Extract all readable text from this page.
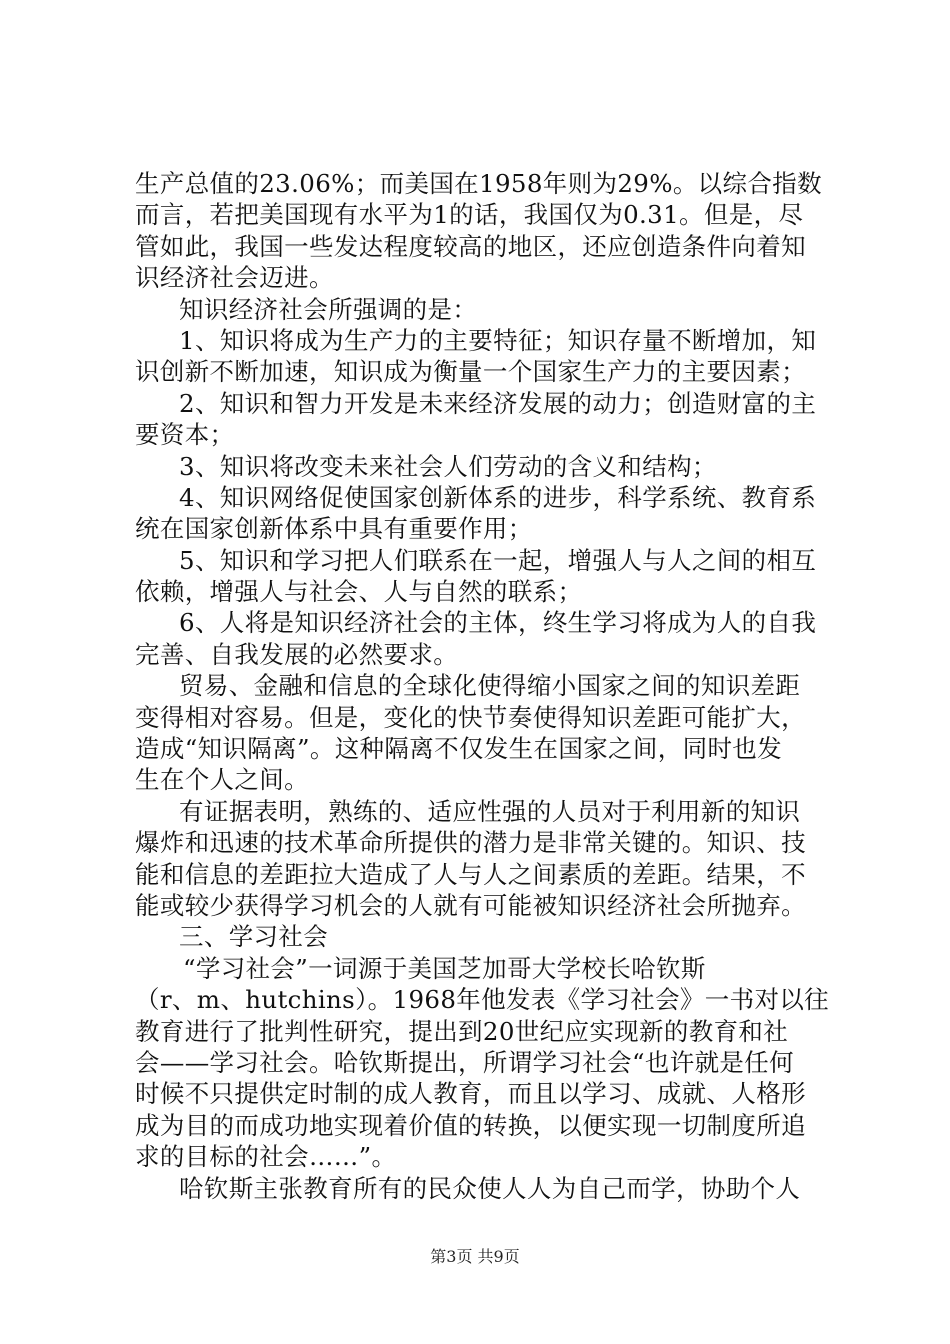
生产总值的23.06%；而美国在1958年则为29%。以综合指数
而言，若把美国现有水平为1的话，我国仅为0.31。但是，尽
管如此，我国一些发达程度较高的地区，还应创造条件向着知
识经济社会迈进。
知识经济社会所强调的是：
1、知识将成为生产力的主要特征；知识存量不断增加，知
识创新不断加速，知识成为衡量一个国家生产力的主要因素；
2、知识和智力开发是未来经济发展的动力；创造财富的主
要资本；
3、知识将改变未来社会人们劳动的含义和结构；
4、知识网络促使国家创新体系的进步，科学系统、教育系
统在国家创新体系中具有重要作用；
5、知识和学习把人们联系在一起，增强人与人之间的相互
依赖，增强人与社会、人与自然的联系；
6、人将是知识经济社会的主体，终生学习将成为人的自我
完善、自我发展的必然要求。
贸易、金融和信息的全球化使得缩小国家之间的知识差距
变得相对容易。但是，变化的快节奏使得知识差距可能扩大，
造成“知识隔离”。这种隔离不仅发生在国家之间，同时也发
生在个人之间。
有证据表明，熟练的、适应性强的人员对于利用新的知识
爆炸和迅速的技术革命所提供的潜力是非常关键的。知识、技
能和信息的差距拉大造成了人与人之间素质的差距。结果，不
能或较少获得学习机会的人就有可能被知识经济社会所抛弃。
三、学习社会
“学习社会”一词源于美国芝加哥大学校长哈钦斯
（r、m、hutchins）。1968年他发表《学习社会》一书对以往
教育进行了批判性研究，提出到20世纪应实现新的教育和社
会——学习社会。哈钦斯提出，所谓学习社会“也许就是任何
时候不只提供定时制的成人教育，而且以学习、成就、人格形
成为目的而成功地实现着价值的转换，以便实现一切制度所追
求的目标的社会……”。
哈钦斯主张教育所有的民众使人人为自己而学，协助个人
第3页 共9页
